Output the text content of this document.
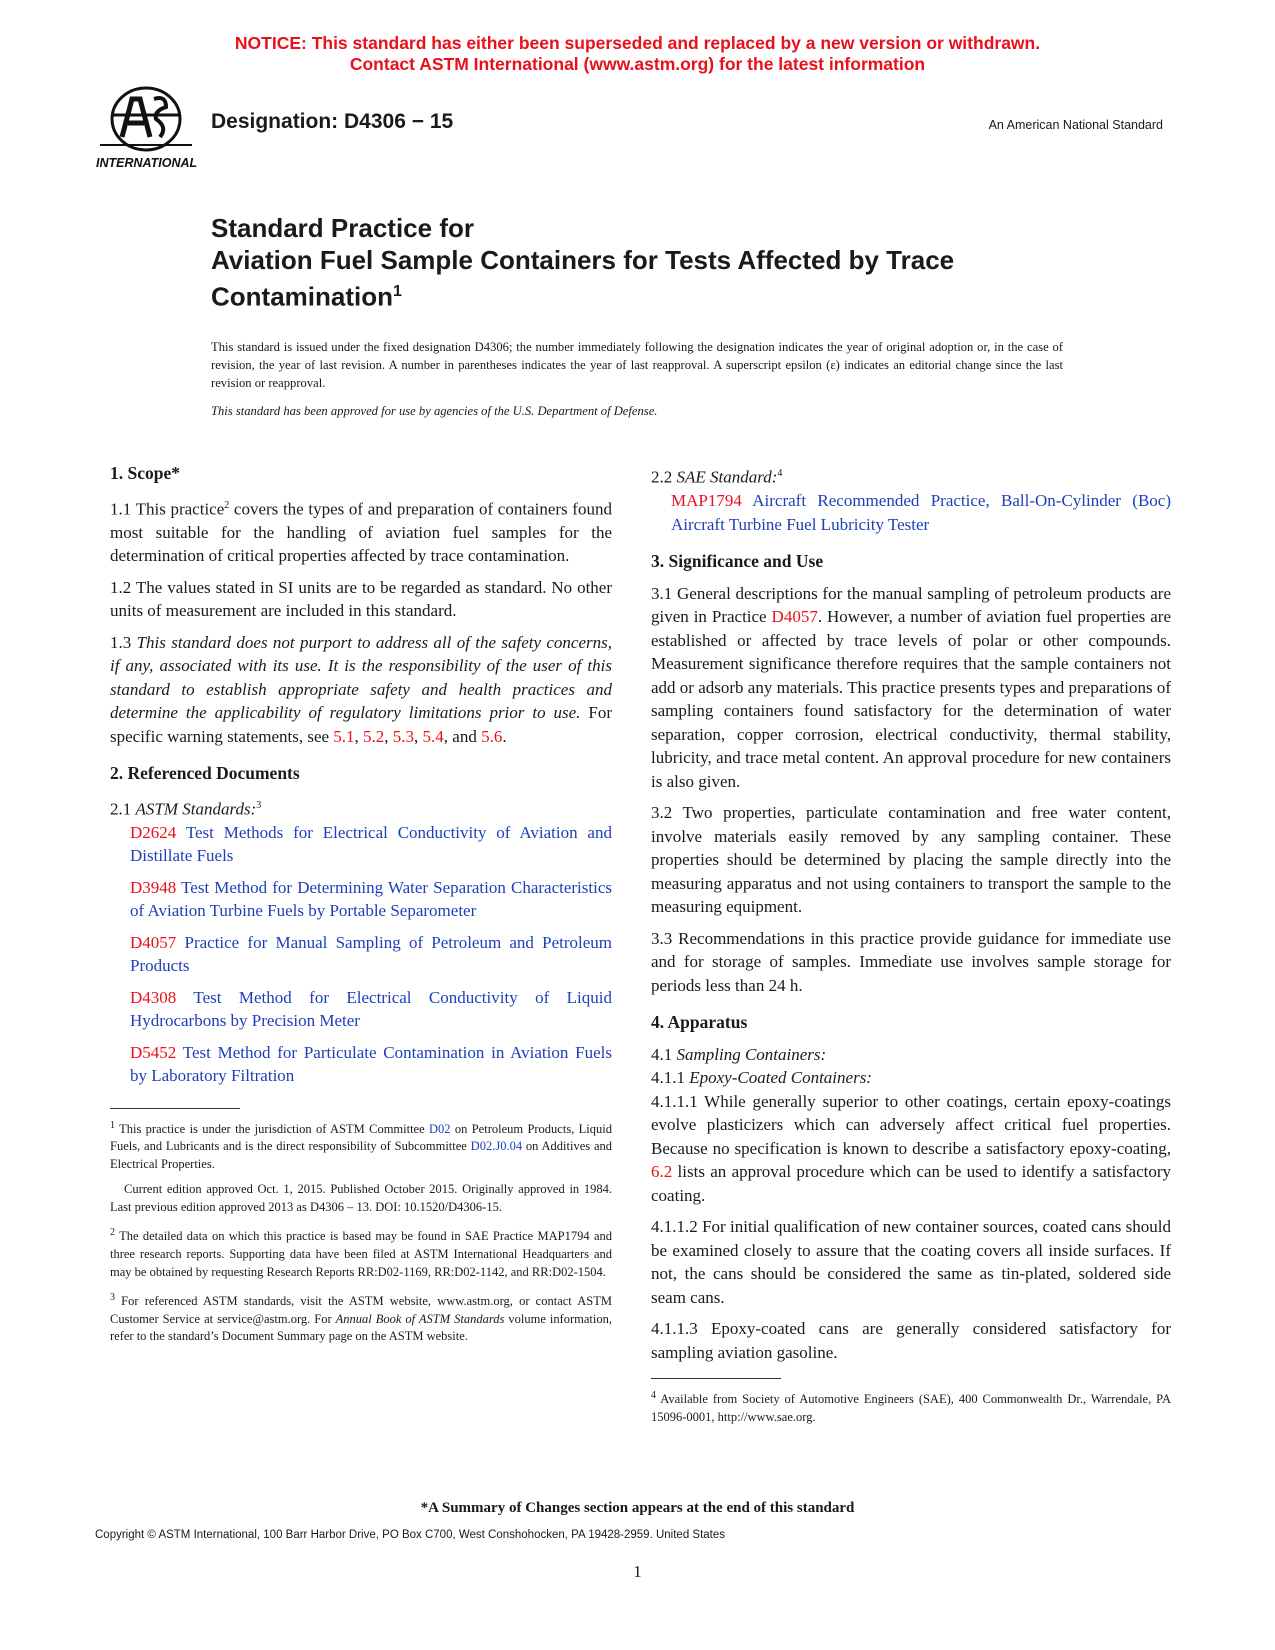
NOTICE: This standard has either been superseded and replaced by a new version or withdrawn.
Contact ASTM International (www.astm.org) for the latest information
INTERNATIONAL
Designation: D4306 − 15	An American National Standard
Standard Practice for
Aviation Fuel Sample Containers for Tests Affected by Trace Contamination$^1$

This standard is issued under the fixed designation D4306; the number immediately following the designation indicates the year of original adoption or, in the case of revision, the year of last revision. A number in parentheses indicates the year of last reapproval. A superscript epsilon (ε) indicates an editorial change since the last revision or reapproval.

This standard has been approved for use by agencies of the U.S. Department of Defense.

1. Scope*

1.1 This practice$^2$ covers the types of and preparation of containers found most suitable for the handling of aviation fuel samples for the determination of critical properties affected by trace contamination.

1.2 The values stated in SI units are to be regarded as standard. No other units of measurement are included in this standard.

1.3 This standard does not purport to address all of the safety concerns, if any, associated with its use. It is the responsibility of the user of this standard to establish appropriate safety and health practices and determine the applicability of regulatory limitations prior to use. For specific warning statements, see 5.1, 5.2, 5.3, 5.4, and 5.6.

2. Referenced Documents

2.1 ASTM Standards:$^3$

D2624 Test Methods for Electrical Conductivity of Aviation and Distillate Fuels

D3948 Test Method for Determining Water Separation Characteristics of Aviation Turbine Fuels by Portable Separometer

D4057 Practice for Manual Sampling of Petroleum and Petroleum Products

D4308 Test Method for Electrical Conductivity of Liquid Hydrocarbons by Precision Meter

D5452 Test Method for Particulate Contamination in Aviation Fuels by Laboratory Filtration

$^1$ This practice is under the jurisdiction of ASTM Committee D02 on Petroleum Products, Liquid Fuels, and Lubricants and is the direct responsibility of Subcommittee D02.J0.04 on Additives and Electrical Properties.

Current edition approved Oct. 1, 2015. Published October 2015. Originally approved in 1984. Last previous edition approved 2013 as D4306 – 13. DOI: 10.1520/D4306-15.

$^2$ The detailed data on which this practice is based may be found in SAE Practice MAP1794 and three research reports. Supporting data have been filed at ASTM International Headquarters and may be obtained by requesting Research Reports RR:D02-1169, RR:D02-1142, and RR:D02-1504.

$^3$ For referenced ASTM standards, visit the ASTM website, www.astm.org, or contact ASTM Customer Service at service@astm.org. For Annual Book of ASTM Standards volume information, refer to the standard’s Document Summary page on the ASTM website.

2.2 SAE Standard:$^4$

MAP1794 Aircraft Recommended Practice, Ball-On-Cylinder (Boc) Aircraft Turbine Fuel Lubricity Tester

3. Significance and Use

3.1 General descriptions for the manual sampling of petroleum products are given in Practice D4057. However, a number of aviation fuel properties are established or affected by trace levels of polar or other compounds. Measurement significance therefore requires that the sample containers not add or adsorb any materials. This practice presents types and preparations of sampling containers found satisfactory for the determination of water separation, copper corrosion, electrical conductivity, thermal stability, lubricity, and trace metal content. An approval procedure for new containers is also given.

3.2 Two properties, particulate contamination and free water content, involve materials easily removed by any sampling container. These properties should be determined by placing the sample directly into the measuring apparatus and not using containers to transport the sample to the measuring equipment.

3.3 Recommendations in this practice provide guidance for immediate use and for storage of samples. Immediate use involves sample storage for periods less than 24 h.

4. Apparatus

4.1 Sampling Containers:

4.1.1 Epoxy-Coated Containers:

4.1.1.1 While generally superior to other coatings, certain epoxy-coatings evolve plasticizers which can adversely affect critical fuel properties. Because no specification is known to describe a satisfactory epoxy-coating, 6.2 lists an approval procedure which can be used to identify a satisfactory coating.

4.1.1.2 For initial qualification of new container sources, coated cans should be examined closely to assure that the coating covers all inside surfaces. If not, the cans should be considered the same as tin-plated, soldered side seam cans.

4.1.1.3 Epoxy-coated cans are generally considered satisfactory for sampling aviation gasoline.

$^4$ Available from Society of Automotive Engineers (SAE), 400 Commonwealth Dr., Warrendale, PA 15096-0001, http://www.sae.org.

*A Summary of Changes section appears at the end of this standard
Copyright © ASTM International, 100 Barr Harbor Drive, PO Box C700, West Conshohocken, PA 19428-2959. United States
1
